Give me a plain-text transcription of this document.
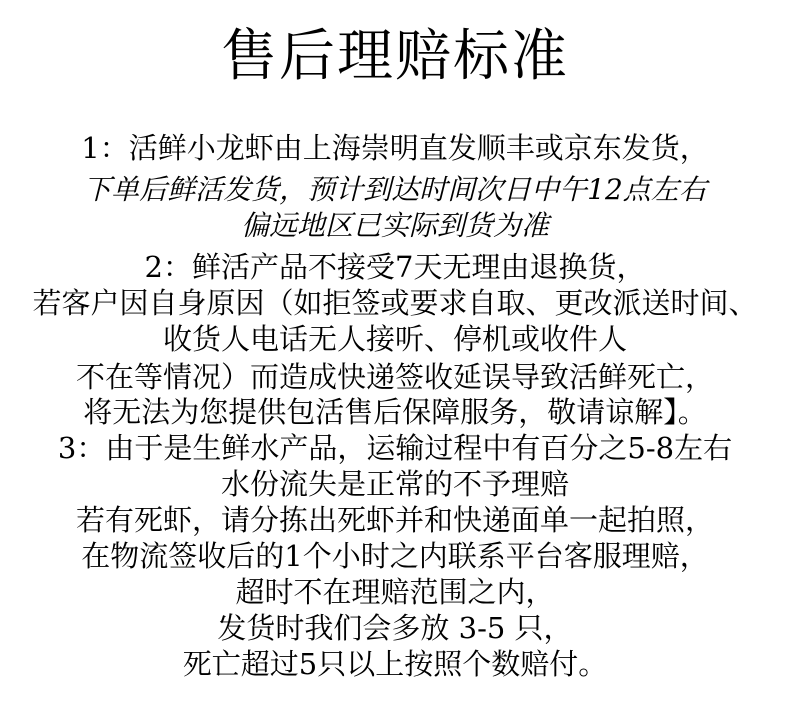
售后理赔标准
1：活鲜小龙虾由上海崇明直发顺丰或京东发货，
下单后鲜活发货，预计到达时间次日中午12点左右
偏远地区已实际到货为准
2：鲜活产品不接受7天无理由退换货，
若客户因自身原因（如拒签或要求自取、更改派送时间、
收货人电话无人接听、停机或收件人
不在等情况）而造成快递签收延误导致活鲜死亡，
将无法为您提供包活售后保障服务，敬请谅解】。
3：由于是生鲜水产品，运输过程中有百分之5-8左右
水份流失是正常的不予理赔
若有死虾，请分拣出死虾并和快递面单一起拍照，
在物流签收后的1个小时之内联系平台客服理赔，
超时不在理赔范围之内，
发货时我们会多放 3-5 只，
死亡超过5只以上按照个数赔付。
